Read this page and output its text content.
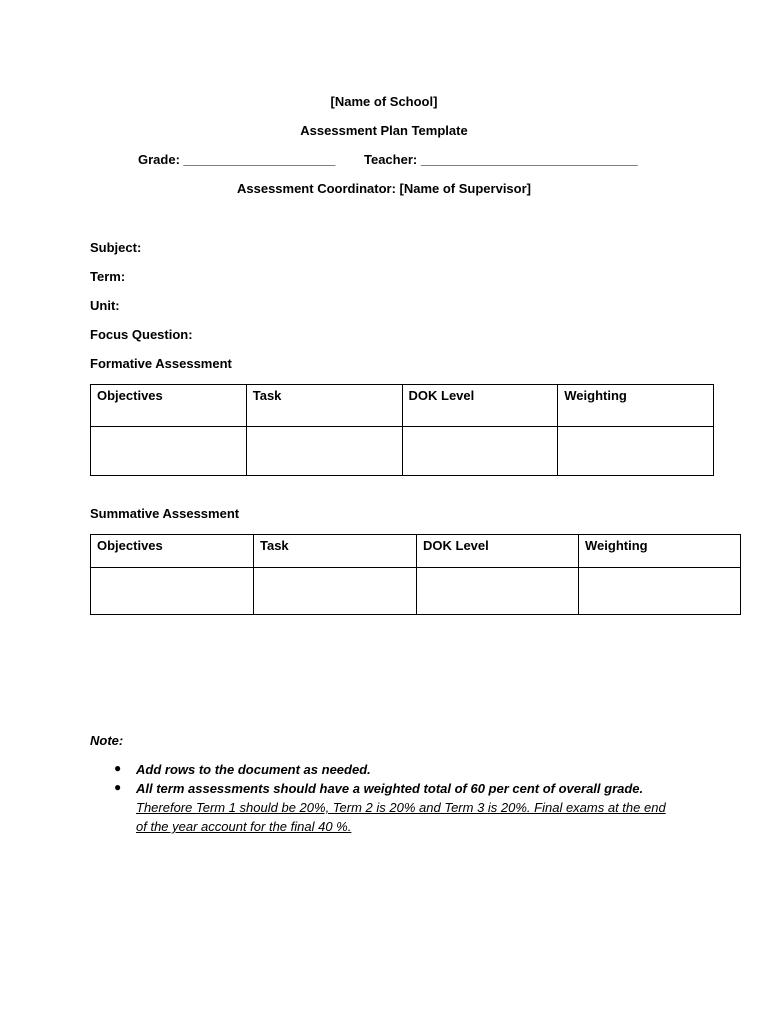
[Name of School]
Assessment Plan Template
Grade: _____________________ Teacher: ______________________________
Assessment Coordinator: [Name of Supervisor]
Subject:
Term:
Unit:
Focus Question:
Formative Assessment
Objectives	Task	DOK Level	Weighting

Summative Assessment
Objectives	Task	DOK Level	Weighting

Note:
● Add rows to the document as needed.
● All term assessments should have a weighted total of 60 per cent of overall grade. Therefore Term 1 should be 20%, Term 2 is 20% and Term 3 is 20%. Final exams at the end of the year account for the final 40 %.
